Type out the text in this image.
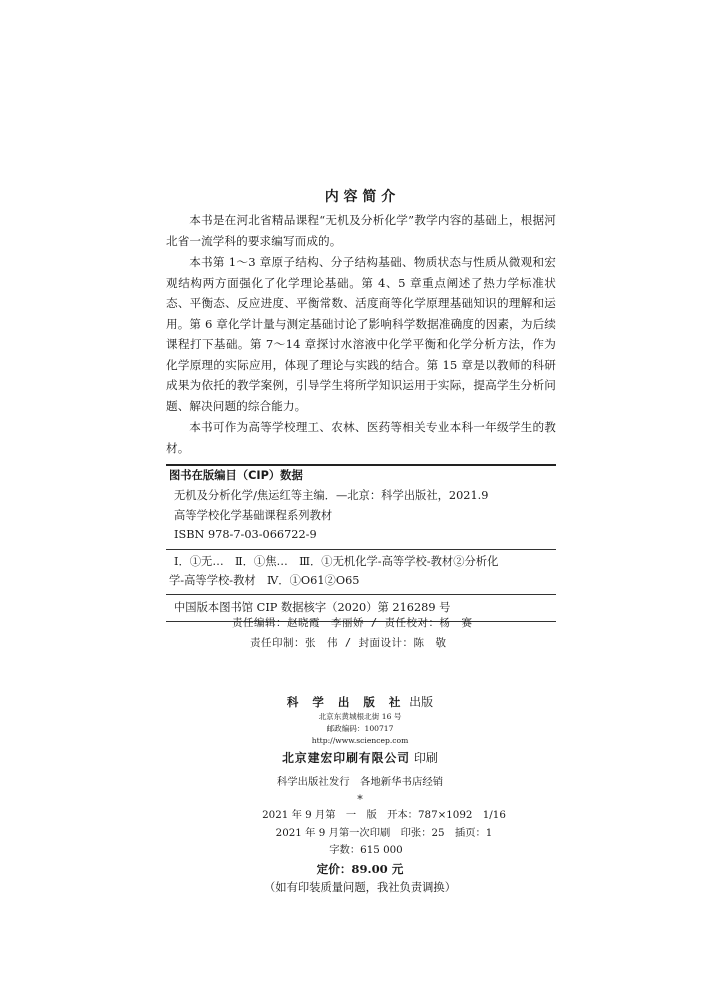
内 容 简 介

本书是在河北省精品课程“无机及分析化学”教学内容的基础上，根据河北省一流学科的要求编写而成的。

本书第 1～3 章原子结构、分子结构基础、物质状态与性质从微观和宏观结构两方面强化了化学理论基础。第 4、5 章重点阐述了热力学标准状态、平衡态、反应进度、平衡常数、活度商等化学原理基础知识的理解和运用。第 6 章化学计量与测定基础讨论了影响科学数据准确度的因素，为后续课程打下基础。第 7～14 章探讨水溶液中化学平衡和化学分析方法，作为化学原理的实际应用，体现了理论与实践的结合。第 15 章是以教师的科研成果为依托的教学案例，引导学生将所学知识运用于实际，提高学生分析问题、解决问题的综合能力。

本书可作为高等学校理工、农林、医药等相关专业本科一年级学生的教材。

图书在版编目（CIP）数据
无机及分析化学/焦运红等主编．—北京：科学出版社，2021.9
高等学校化学基础课程系列教材
ISBN 978-7-03-066722-9
Ⅰ．①无…　Ⅱ．①焦…　Ⅲ．①无机化学-高等学校-教材②分析化
学-高等学校-教材　Ⅳ．①O61②O65
中国版本图书馆 CIP 数据核字（2020）第 216289 号
责任编辑：赵晓霞　李丽娇 / 责任校对：杨　赛
责任印制：张　伟 / 封面设计：陈　敬
科 学 出 版 社 出版
北京东黄城根北街 16 号
邮政编码：100717
http://www.sciencep.com
北京建宏印刷有限公司 印刷
科学出版社发行　各地新华书店经销
*
2021 年 9 月第　一　版　开本：787×1092　1/16
2021 年 9 月第一次印刷　印张：25　插页：1
字数：615 000
定价：89.00 元
（如有印装质量问题，我社负责调换）
